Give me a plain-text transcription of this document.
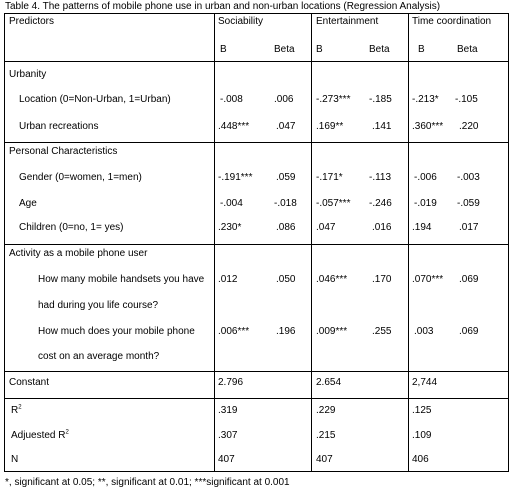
Table 4. The patterns of mobile phone use in urban and non-urban locations (Regression Analysis)
Predictors	Sociability	Entertainment	Time coordination
B	Beta B	Beta	B	Beta
Urbanity
Location (0=Non-Urban, 1=Urban)	-.008	.006 -.273*** -.185 -.213* -.105
Urban recreations	.448***	.047 .169**	.141 .360*** .220
Personal Characteristics
Gender (0=women, 1=men)	-.191*** .059 -.171*	-.113 -.006 -.003
Age	-.004	-.018 -.057*** -.246 -.019 -.059
Children (0=no, 1= yes)	.230*	.086 .047	.016 .194	.017
Activity as a mobile phone user
How many mobile handsets you have
had during you life course?
.012	.050 .046*** .170 .070*** .069
How much does your mobile phone
cost on an average month?
.006***	.196 .009*** .255 .003	.069
Constant	2.796	2.654	2,744
$R^2$	.319	.229	.125
Adjuested $R^2$	.307	.215	.109
N	407	407	406
*, significant at 0.05; **, significant at 0.01; ***significant at 0.001
